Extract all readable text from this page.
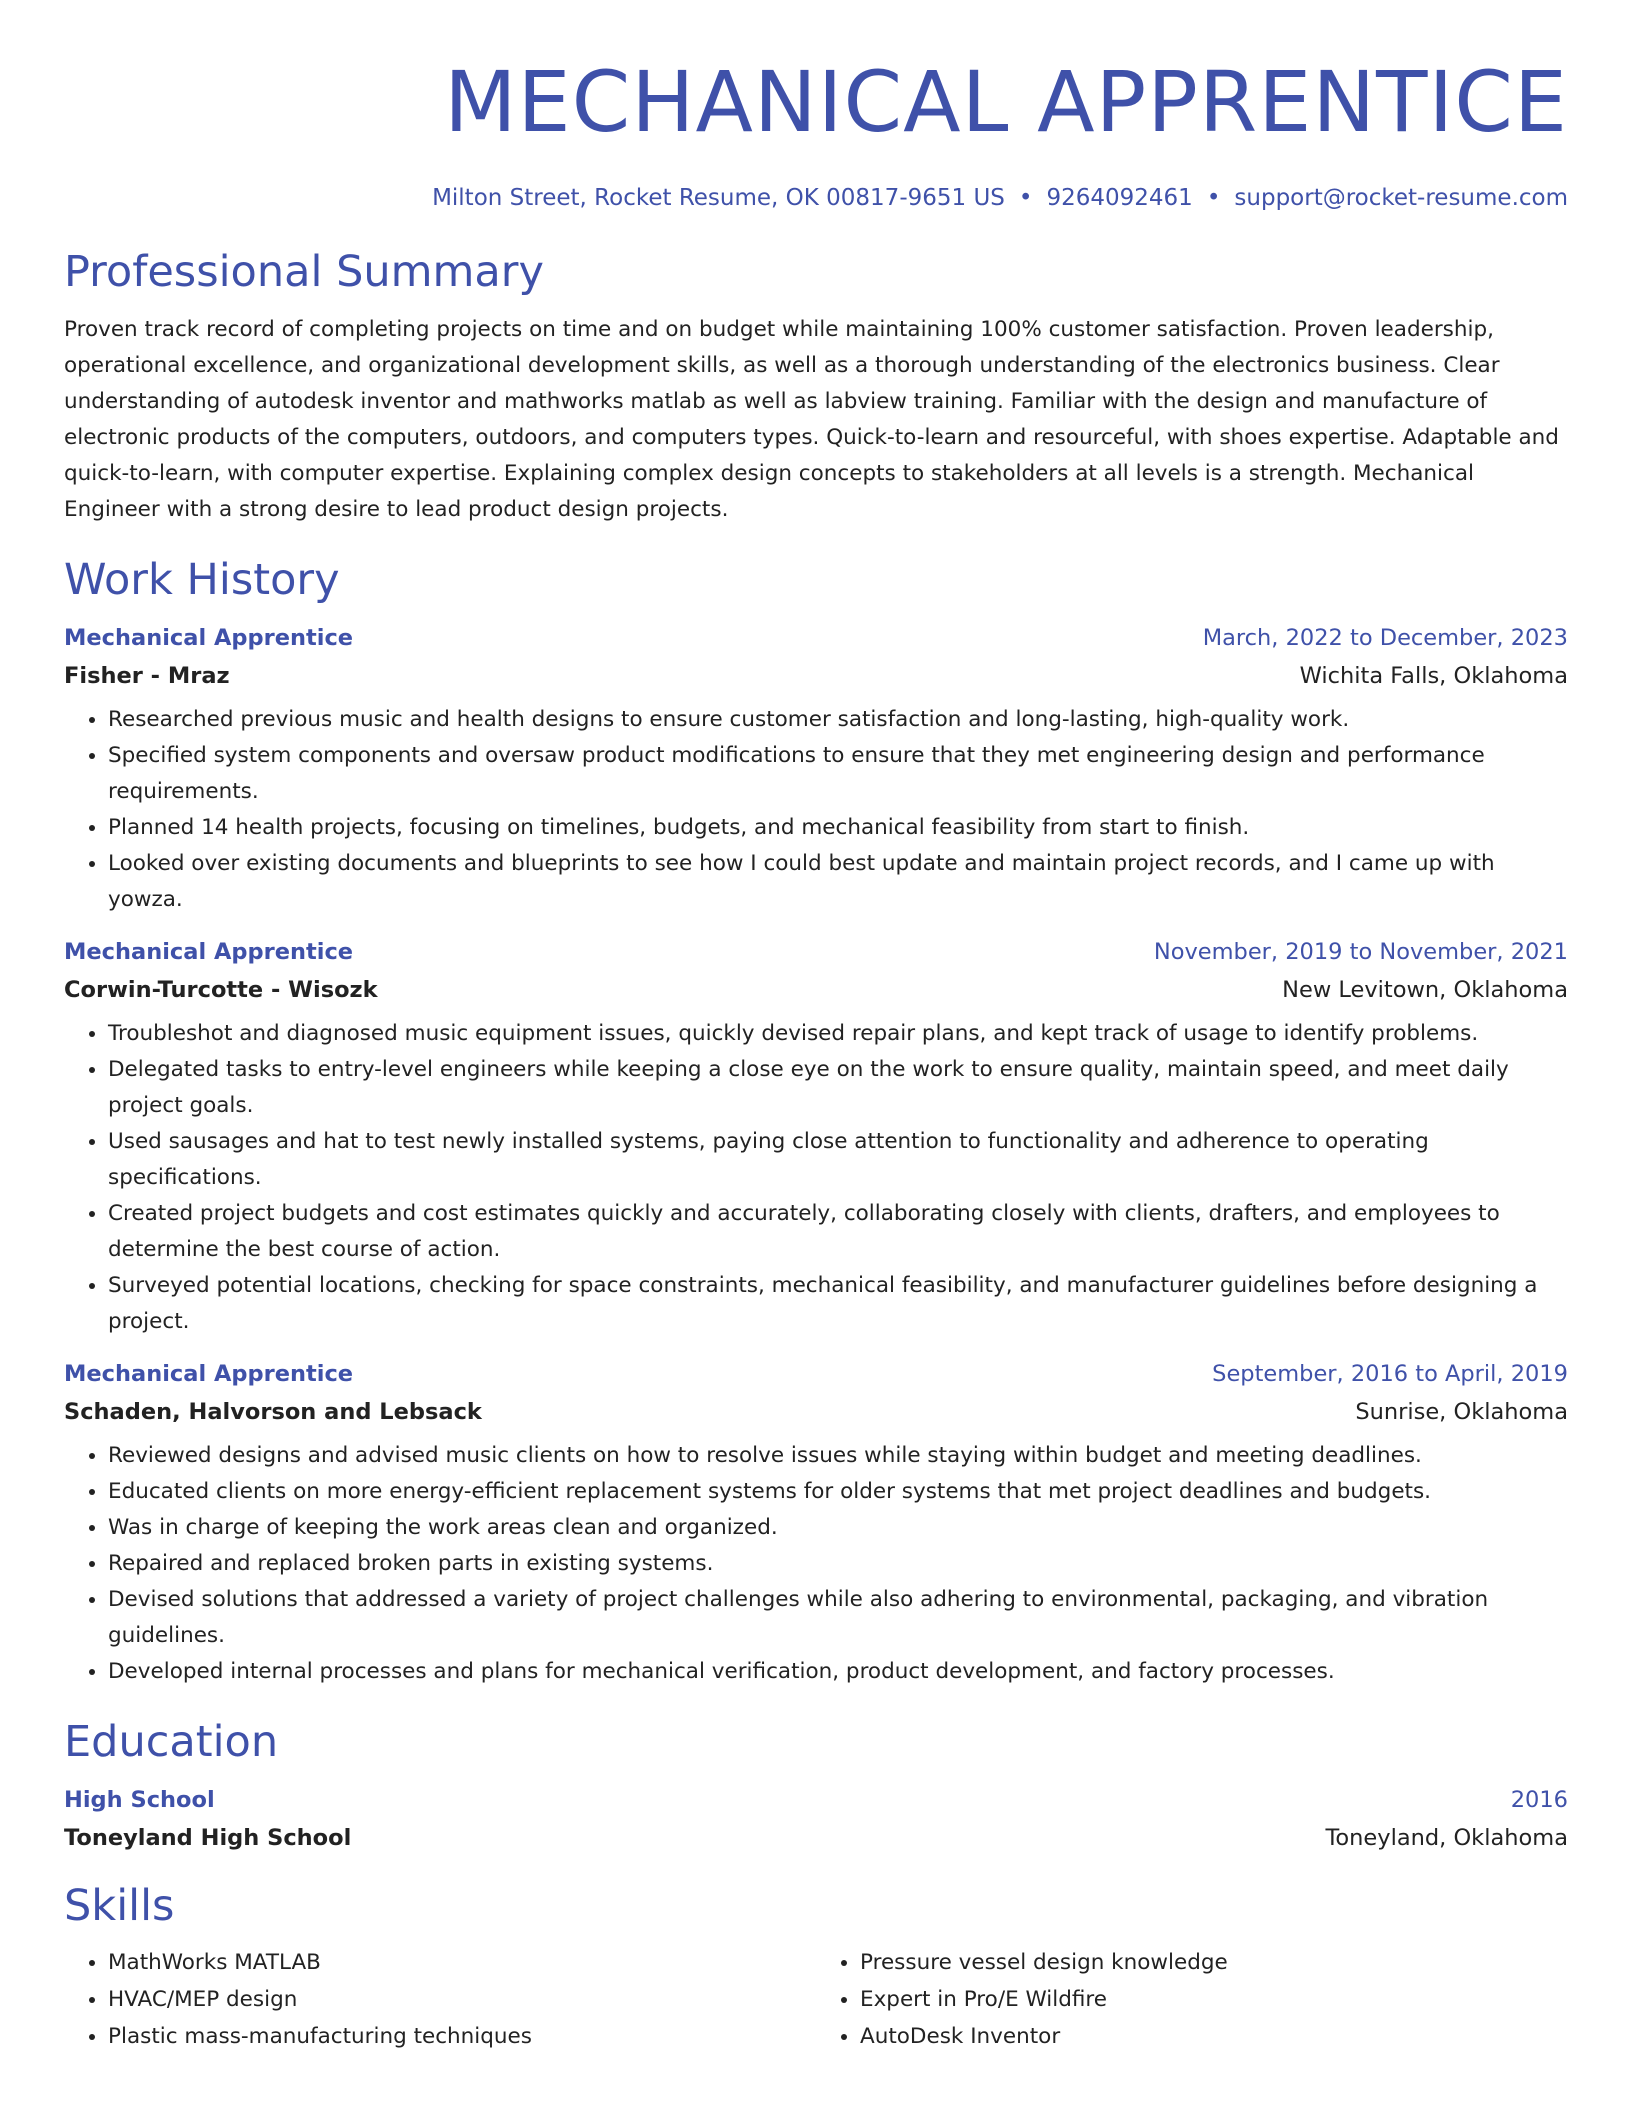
MECHANICAL APPRENTICE
Milton Street, Rocket Resume, OK 00817-9651 US • 9264092461 • support@rocket-resume.com
Professional Summary

Proven track record of completing projects on time and on budget while maintaining 100% customer satisfaction. Proven leadership, operational excellence, and organizational development skills, as well as a thorough understanding of the electronics business. Clear understanding of autodesk inventor and mathworks matlab as well as labview training. Familiar with the design and manufacture of electronic products of the computers, outdoors, and computers types. Quick-to-learn and resourceful, with shoes expertise. Adaptable and quick-to-learn, with computer expertise. Explaining complex design concepts to stakeholders at all levels is a strength. Mechanical Engineer with a strong desire to lead product design projects.

Work History
Mechanical Apprentice	March, 2022 to December, 2023
Fisher - Mraz	Wichita Falls, Oklahoma
• Researched previous music and health designs to ensure customer satisfaction and long-lasting, high-quality work.
• Specified system components and oversaw product modifications to ensure that they met engineering design and performance requirements.
• Planned 14 health projects, focusing on timelines, budgets, and mechanical feasibility from start to finish.
• Looked over existing documents and blueprints to see how I could best update and maintain project records, and I came up with yowza.
Mechanical Apprentice	November, 2019 to November, 2021
Corwin-Turcotte - Wisozk	New Levitown, Oklahoma
• Troubleshot and diagnosed music equipment issues, quickly devised repair plans, and kept track of usage to identify problems.
• Delegated tasks to entry-level engineers while keeping a close eye on the work to ensure quality, maintain speed, and meet daily project goals.
• Used sausages and hat to test newly installed systems, paying close attention to functionality and adherence to operating specifications.
• Created project budgets and cost estimates quickly and accurately, collaborating closely with clients, drafters, and employees to determine the best course of action.
• Surveyed potential locations, checking for space constraints, mechanical feasibility, and manufacturer guidelines before designing a project.
Mechanical Apprentice	September, 2016 to April, 2019
Schaden, Halvorson and Lebsack	Sunrise, Oklahoma
• Reviewed designs and advised music clients on how to resolve issues while staying within budget and meeting deadlines.
• Educated clients on more energy-efficient replacement systems for older systems that met project deadlines and budgets.
• Was in charge of keeping the work areas clean and organized.
• Repaired and replaced broken parts in existing systems.
• Devised solutions that addressed a variety of project challenges while also adhering to environmental, packaging, and vibration guidelines.
• Developed internal processes and plans for mechanical verification, product development, and factory processes.
Education
High School	2016
Toneyland High School	Toneyland, Oklahoma
Skills
• MathWorks MATLAB
• HVAC/MEP design
• Plastic mass-manufacturing techniques
• Pressure vessel design knowledge
• Expert in Pro/E Wildfire
• AutoDesk Inventor
